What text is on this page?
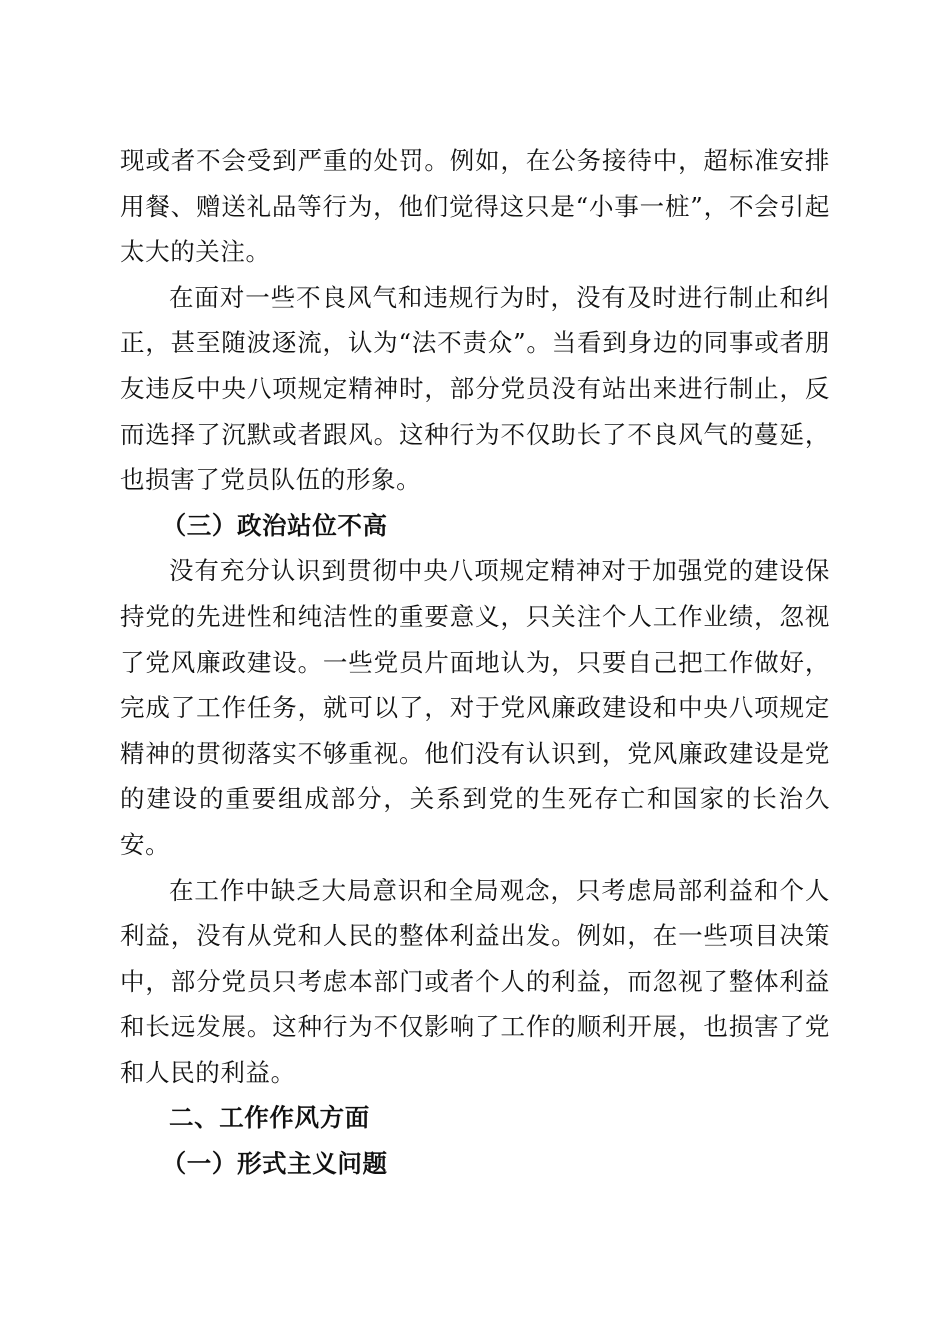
现或者不会受到严重的处罚。例如，在公务接待中，超标准安排用餐、赠送礼品等行为，他们觉得这只是“小事一桩”，不会引起太大的关注。

在面对一些不良风气和违规行为时，没有及时进行制止和纠正，甚至随波逐流，认为“法不责众”。当看到身边的同事或者朋友违反中央八项规定精神时，部分党员没有站出来进行制止，反而选择了沉默或者跟风。这种行为不仅助长了不良风气的蔓延，也损害了党员队伍的形象。

（三）政治站位不高

没有充分认识到贯彻中央八项规定精神对于加强党的建设保持党的先进性和纯洁性的重要意义，只关注个人工作业绩，忽视了党风廉政建设。一些党员片面地认为，只要自己把工作做好，完成了工作任务，就可以了，对于党风廉政建设和中央八项规定精神的贯彻落实不够重视。他们没有认识到，党风廉政建设是党的建设的重要组成部分，关系到党的生死存亡和国家的长治久安。

在工作中缺乏大局意识和全局观念，只考虑局部利益和个人利益，没有从党和人民的整体利益出发。例如，在一些项目决策中，部分党员只考虑本部门或者个人的利益，而忽视了整体利益和长远发展。这种行为不仅影响了工作的顺利开展，也损害了党和人民的利益。

二、工作作风方面

（一）形式主义问题
